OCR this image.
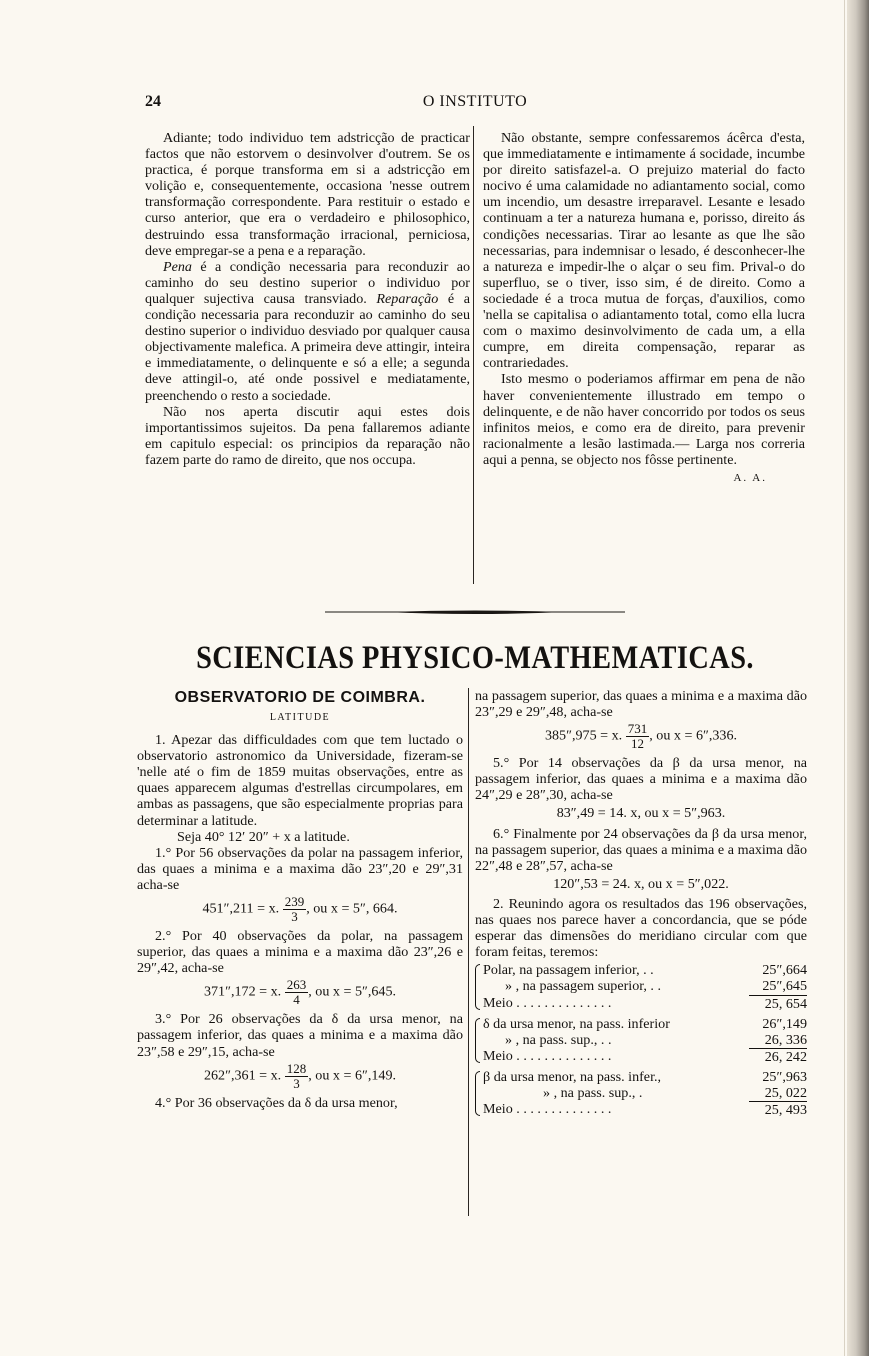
24	O INSTITUTO

Adiante; todo individuo tem adstricção de practicar factos que não estorvem o desinvolver d'outrem. Se os practica, é porque transforma em si a adstricção em volição e, consequentemente, occasiona 'nesse outrem transformação correspondente. Para restituir o estado e curso anterior, que era o verdadeiro e philosophico, destruindo essa transformação irracional, perniciosa, deve empregar-se a pena e a reparação.

Pena é a condição necessaria para reconduzir ao caminho do seu destino superior o individuo por qualquer sujectiva causa transviado. Reparação é a condição necessaria para reconduzir ao caminho do seu destino superior o individuo desviado por qualquer causa objectivamente malefica. A primeira deve attingir, inteira e immediatamente, o delinquente e só a elle; a segunda deve attingil-o, até onde possivel e mediatamente, preenchendo o resto a sociedade.

Não nos aperta discutir aqui estes dois importantissimos sujeitos. Da pena fallaremos adiante em capitulo especial: os principios da reparação não fazem parte do ramo de direito, que nos occupa.

Não obstante, sempre confessaremos ácêrca d'esta, que immediatamente e intimamente á socidade, incumbe por direito satisfazel-a. O prejuizo material do facto nocivo é uma calamidade no adiantamento social, como um incendio, um desastre irreparavel. Lesante e lesado continuam a ter a natureza humana e, porisso, direito ás condições necessarias. Tirar ao lesante as que lhe são necessarias, para indemnisar o lesado, é desconhecer-lhe a natureza e impedir-lhe o alçar o seu fim. Prival-o do superfluo, se o tiver, isso sim, é de direito. Como a sociedade é a troca mutua de forças, d'auxilios, como 'nella se capitalisa o adiantamento total, como ella lucra com o maximo desinvolvimento de cada um, a ella cumpre, em direita compensação, reparar as contrariedades.

Isto mesmo o poderiamos affirmar em pena de não haver convenientemente illustrado em tempo o delinquente, e de não haver concorrido por todos os seus infinitos meios, e como era de direito, para prevenir racionalmente a lesão lastimada.— Larga nos correria aqui a penna, se objecto nos fôsse pertinente.

A. A.
SCIENCIAS PHYSICO-MATHEMATICAS.
OBSERVATORIO DE COIMBRA.
LATITUDE

1. Apezar das difficuldades com que tem luctado o observatorio astronomico da Universidade, fizeram-se 'nelle até o fim de 1859 muitas observações, entre as quaes apparecem algumas d'estrellas circumpolares, em ambas as passagens, que são especialmente proprias para determinar a latitude.

Seja 40° 12′ 20″ + x a latitude.

1.° Por 56 observações da polar na passagem inferior, das quaes a minima e a maxima dão 23″,20 e 29″,31 acha-se

451″,211 = x. $\frac{239}{3}$ , ou x = 5″, 664.

2.° Por 40 observações da polar, na passagem superior, das quaes a minima e a maxima dão 23″,26 e 29″,42, acha-se

371″,172 = x. $\frac{263}{4}$ , ou x = 5″,645.

3.° Por 26 observações da δ da ursa menor, na passagem inferior, das quaes a minima e a maxima dão 23″,58 e 29″,15, acha-se

262″,361 = x. $\frac{128}{3}$ , ou x = 6″,149.

4.° Por 36 observações da δ da ursa menor,

na passagem superior, das quaes a minima e a maxima dão 23″,29 e 29″,48, acha-se

385″,975 = x. $\frac{731}{12}$ , ou x = 6″,336.

5.° Por 14 observações da β da ursa menor, na passagem inferior, das quaes a minima e a maxima dão 24″,29 e 28″,30, acha-se

83″,49 = 14. x, ou x = 5″,963.

6.° Finalmente por 24 observações da β da ursa menor, na passagem superior, das quaes a minima e a maxima dão 22″,48 e 28″,57, acha-se

120″,53 = 24. x, ou x = 5″,022.

2. Reunindo agora os resultados das 196 observações, nas quaes nos parece haver a concordancia, que se póde esperar das dimensões do meridiano circular com que foram feitas, teremos:

Polar, na passagem inferior, . .	25″,664
» , na passagem superior, . .	25″,645
Meio . . . . . . . . . . . . . .	25, 654
δ da ursa menor, na pass. inferior	26″,149
» , na pass. sup., . .	26, 336
Meio . . . . . . . . . . . . . .	26, 242
β da ursa menor, na pass. infer.,	25″,963
» , na pass. sup., .	25, 022
Meio . . . . . . . . . . . . . .	25, 493
